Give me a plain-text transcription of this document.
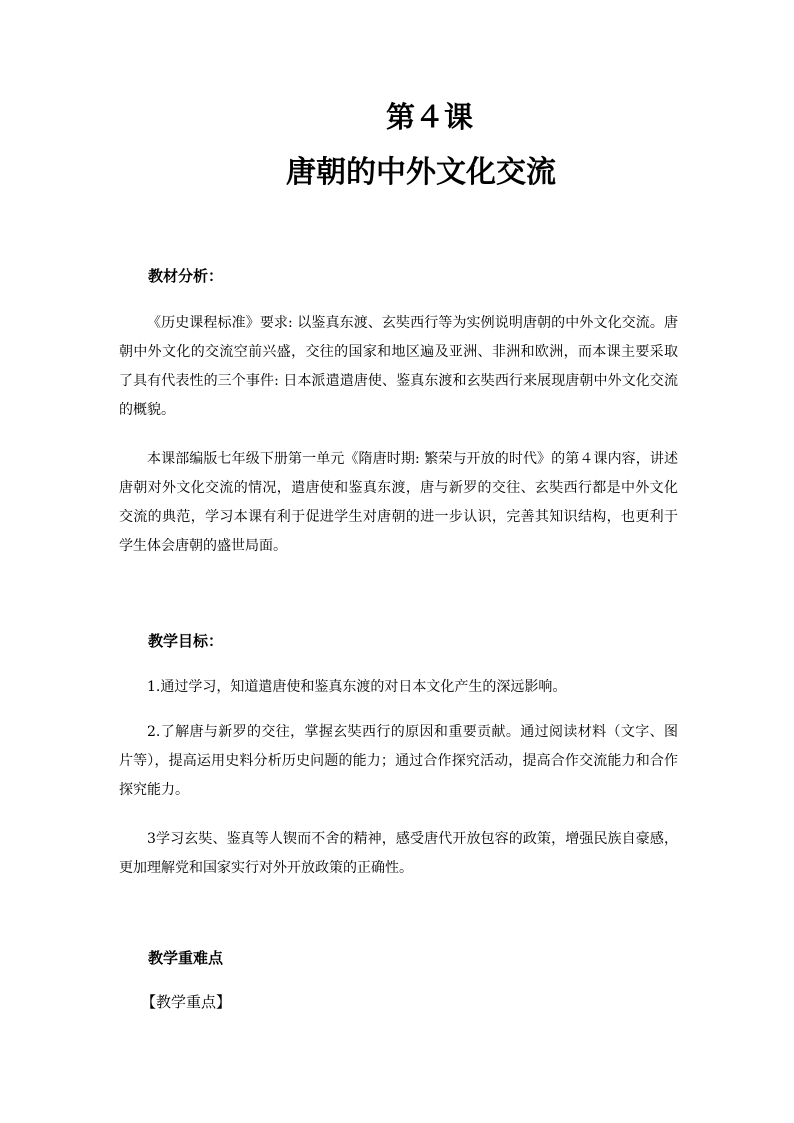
第４课
唐朝的中外文化交流
教材分析：
《历史课程标准》要求: 以鉴真东渡、玄奘西行等为实例说明唐朝的中外文化交流。唐朝中外文化的交流空前兴盛，交往的国家和地区遍及亚洲、非洲和欧洲，而本课主要采取了具有代表性的三个事件: 日本派遣遣唐使、鉴真东渡和玄奘西行来展现唐朝中外文化交流的概貌。
本课部编版七年级下册第一单元《隋唐时期: 繁荣与开放的时代》的第４课内容，讲述唐朝对外文化交流的情况，遣唐使和鉴真东渡，唐与新罗的交往、玄奘西行都是中外文化交流的典范，学习本课有利于促进学生对唐朝的进一步认识，完善其知识结构，也更利于学生体会唐朝的盛世局面。
教学目标：
1.通过学习，知道遣唐使和鉴真东渡的对日本文化产生的深远影响。
2.了解唐与新罗的交往，掌握玄奘西行的原因和重要贡献。通过阅读材料（文字、图片等），提高运用史料分析历史问题的能力；通过合作探究活动，提高合作交流能力和合作探究能力。
3学习玄奘、鉴真等人锲而不舍的精神，感受唐代开放包容的政策，增强民族自豪感，更加理解党和国家实行对外开放政策的正确性。
教学重难点
【教学重点】
